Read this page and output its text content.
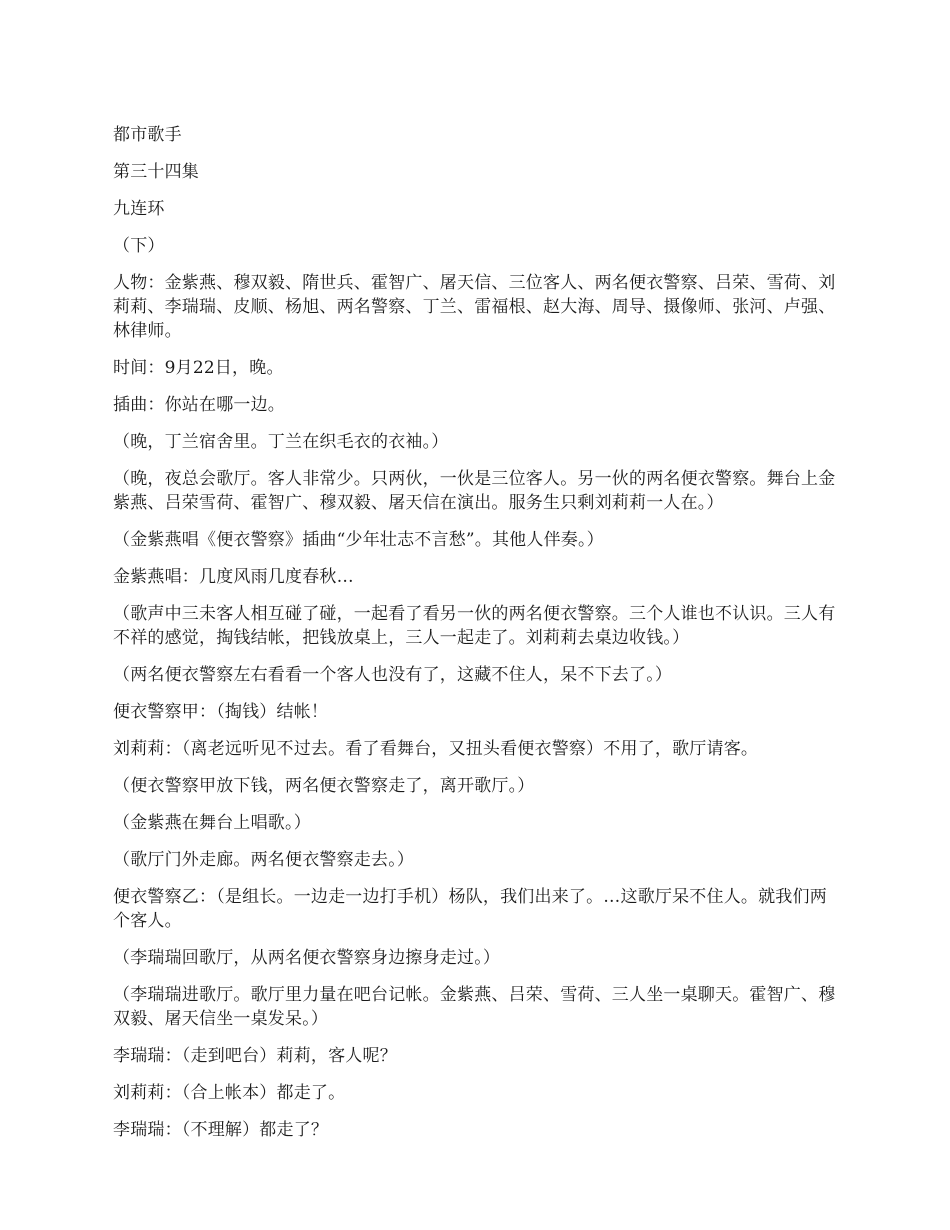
都市歌手

第三十四集

九连环

（下）

人物：金紫燕、穆双毅、隋世兵、霍智广、屠天信、三位客人、两名便衣警察、吕荣、雪荷、刘莉莉、李瑞瑞、皮顺、杨旭、两名警察、丁兰、雷福根、赵大海、周导、摄像师、张河、卢强、林律师。

时间：9月22日，晚。

插曲：你站在哪一边。

（晚，丁兰宿舍里。丁兰在织毛衣的衣袖。）

（晚，夜总会歌厅。客人非常少。只两伙，一伙是三位客人。另一伙的两名便衣警察。舞台上金紫燕、吕荣雪荷、霍智广、穆双毅、屠天信在演出。服务生只剩刘莉莉一人在。）

（金紫燕唱《便衣警察》插曲“少年壮志不言愁”。其他人伴奏。）

金紫燕唱：几度风雨几度春秋…

（歌声中三未客人相互碰了碰，一起看了看另一伙的两名便衣警察。三个人谁也不认识。三人有不祥的感觉，掏钱结帐，把钱放桌上，三人一起走了。刘莉莉去桌边收钱。）

（两名便衣警察左右看看一个客人也没有了，这藏不住人，呆不下去了。）

便衣警察甲：（掏钱）结帐！

刘莉莉：（离老远听见不过去。看了看舞台，又扭头看便衣警察）不用了，歌厅请客。

（便衣警察甲放下钱，两名便衣警察走了，离开歌厅。）

（金紫燕在舞台上唱歌。）

（歌厅门外走廊。两名便衣警察走去。）

便衣警察乙：（是组长。一边走一边打手机）杨队，我们出来了。…这歌厅呆不住人。就我们两个客人。

（李瑞瑞回歌厅，从两名便衣警察身边擦身走过。）

（李瑞瑞进歌厅。歌厅里力量在吧台记帐。金紫燕、吕荣、雪荷、三人坐一桌聊天。霍智广、穆双毅、屠天信坐一桌发呆。）

李瑞瑞：（走到吧台）莉莉，客人呢？

刘莉莉：（合上帐本）都走了。

李瑞瑞：（不理解）都走了？
